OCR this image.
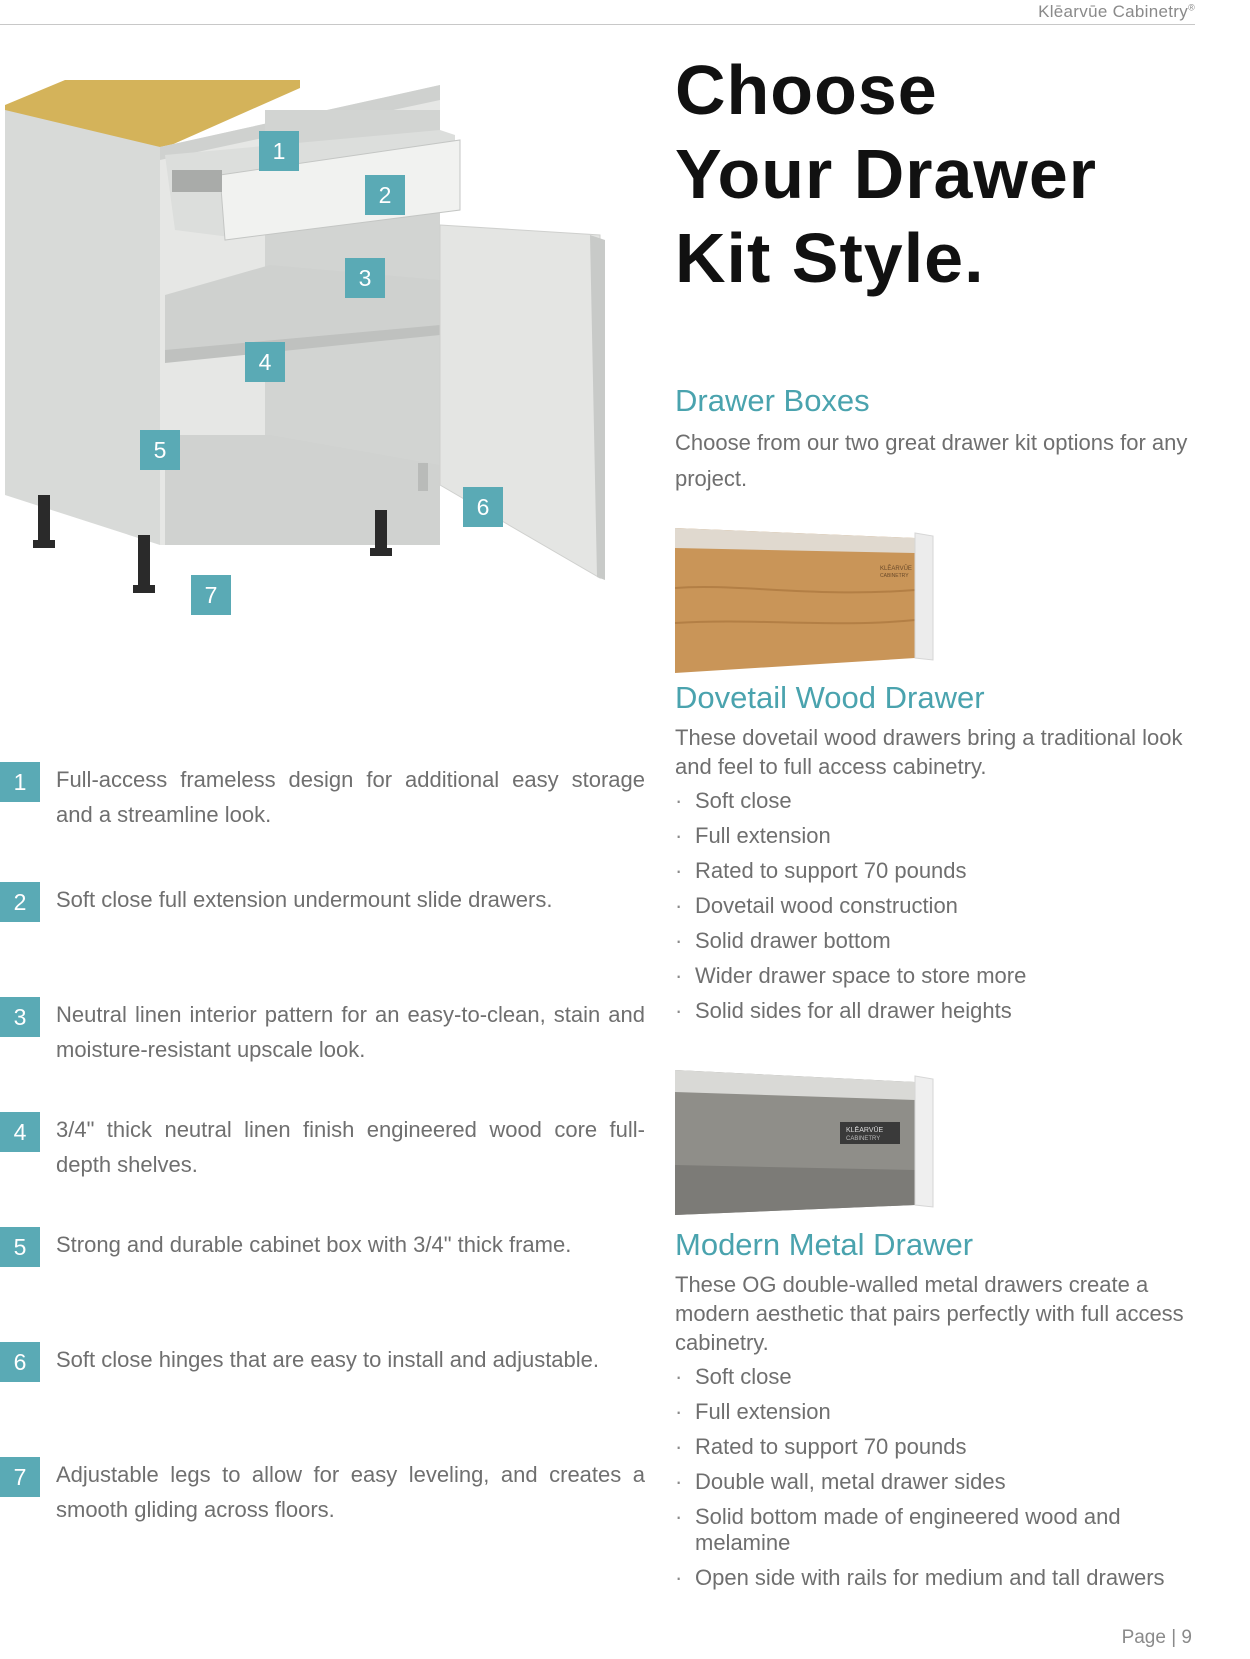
Klēarvūe Cabinetry®
1
2
3
4
5
6
7
Choose
Your Drawer
Kit Style.
Drawer Boxes
Choose from our two great drawer kit options for any project.
KLĒARVŪE
CABINETRY
Dovetail Wood Drawer
These dovetail wood drawers bring a traditional look and feel to full access cabinetry.
· Soft close
· Full extension
· Rated to support 70 pounds
· Dovetail wood construction
· Solid drawer bottom
· Wider drawer space to store more
· Solid sides for all drawer heights
KLĒARVŪE
CABINETRY
Modern Metal Drawer
These OG double-walled metal drawers create a modern aesthetic that pairs perfectly with full access cabinetry.
· Soft close
· Full extension
· Rated to support 70 pounds
· Double wall, metal drawer sides
· Solid bottom made of engineered wood and melamine
· Open side with rails for medium and tall drawers
1	Full-access frameless design for additional easy storage and a streamline look.
2	Soft close full extension undermount slide drawers.
3	Neutral linen interior pattern for an easy-to-clean, stain and moisture-resistant upscale look.
4	3/4" thick neutral linen finish engineered wood core full-depth shelves.
5	Strong and durable cabinet box with 3/4" thick frame.
6	Soft close hinges that are easy to install and adjustable.
7	Adjustable legs to allow for easy leveling, and creates a smooth gliding across floors.
Page | 9
